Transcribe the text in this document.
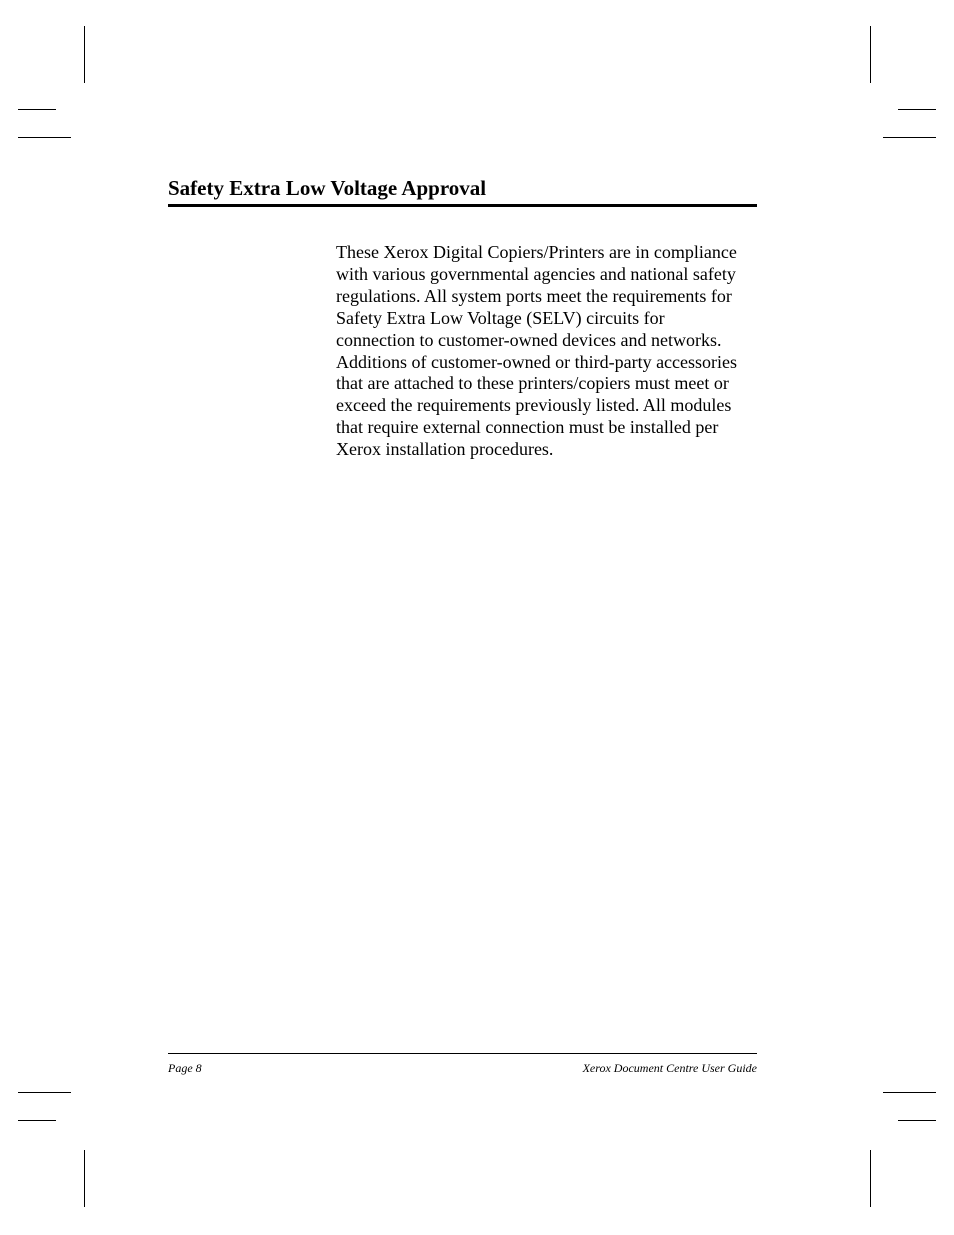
Safety Extra Low Voltage Approval
These Xerox Digital Copiers/Printers are in compliance
with various governmental agencies and national safety
regulations. All system ports meet the requirements for
Safety Extra Low Voltage (SELV) circuits for
connection to customer-owned devices and networks.
Additions of customer-owned or third-party accessories
that are attached to these printers/copiers must meet or
exceed the requirements previously listed. All modules
that require external connection must be installed per
Xerox installation procedures.
Page 8	Xerox Document Centre User Guide
